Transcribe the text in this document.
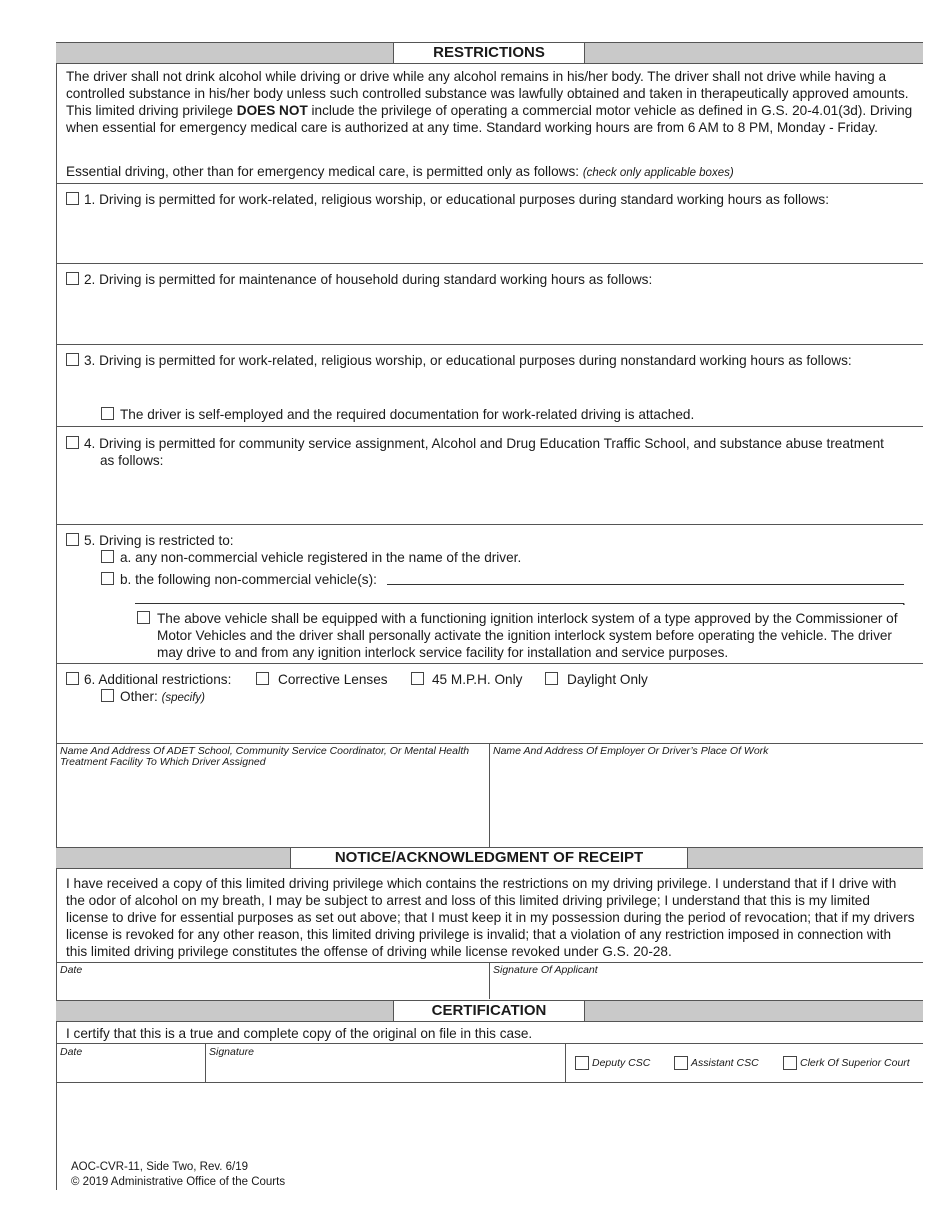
RESTRICTIONS
The driver shall not drink alcohol while driving or drive while any alcohol remains in his/her body. The driver shall not drive while having a controlled substance in his/her body unless such controlled substance was lawfully obtained and taken in therapeutically approved amounts. This limited driving privilege DOES NOT include the privilege of operating a commercial motor vehicle as defined in G.S. 20-4.01(3d). Driving when essential for emergency medical care is authorized at any time. Standard working hours are from 6 AM to 8 PM, Monday - Friday.
Essential driving, other than for emergency medical care, is permitted only as follows: (check only applicable boxes)
1. Driving is permitted for work-related, religious worship, or educational purposes during standard working hours as follows:
2. Driving is permitted for maintenance of household during standard working hours as follows:
3. Driving is permitted for work-related, religious worship, or educational purposes during nonstandard working hours as follows:
The driver is self-employed and the required documentation for work-related driving is attached.
4. Driving is permitted for community service assignment, Alcohol and Drug Education Traffic School, and substance abuse treatment
as follows:
5. Driving is restricted to:
a. any non-commercial vehicle registered in the name of the driver.
b. the following non-commercial vehicle(s):
.
The above vehicle shall be equipped with a functioning ignition interlock system of a type approved by the Commissioner of Motor Vehicles and the driver shall personally activate the ignition interlock system before operating the vehicle. The driver may drive to and from any ignition interlock service facility for installation and service purposes.
6. Additional restrictions:	Corrective Lenses	45 M.P.H. Only	Daylight Only
Other: (specify)
Name And Address Of ADET School, Community Service Coordinator, Or Mental Health Treatment Facility To Which Driver Assigned
Name And Address Of Employer Or Driver’s Place Of Work
NOTICE/ACKNOWLEDGMENT OF RECEIPT
I have received a copy of this limited driving privilege which contains the restrictions on my driving privilege. I understand that if I drive with the odor of alcohol on my breath, I may be subject to arrest and loss of this limited driving privilege; I understand that this is my limited license to drive for essential purposes as set out above; that I must keep it in my possession during the period of revocation; that if my drivers license is revoked for any other reason, this limited driving privilege is invalid; that a violation of any restriction imposed in connection with this limited driving privilege constitutes the offense of driving while license revoked under G.S. 20-28.
Date	Signature Of Applicant
CERTIFICATION
I certify that this is a true and complete copy of the original on file in this case.
Date	Signature
Deputy CSC	Assistant CSC	Clerk Of Superior Court
AOC-CVR-11, Side Two, Rev. 6/19
© 2019 Administrative Office of the Courts
